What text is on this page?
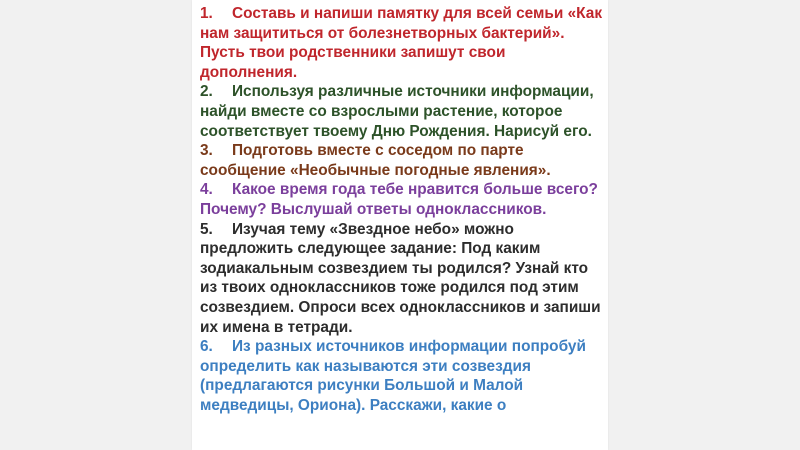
1. Составь и напиши памятку для всей семьи «Как нам защититься от болезнетворных бактерий». Пусть твои родственники запишут свои дополнения.
2. Используя различные источники информации, найди вместе со взрослыми растение, которое соответствует твоему Дню Рождения. Нарисуй его.
3. Подготовь вместе с соседом по парте сообщение «Необычные погодные явления».
4. Какое время года тебе нравится больше всего? Почему? Выслушай ответы одноклассников.
5. Изучая тему «Звездное небо» можно предложить следующее задание: Под каким зодиакальным созвездием ты родился? Узнай кто из твоих одноклассников тоже родился под этим созвездием. Опроси всех одноклассников и запиши их имена в тетради.
6. Из разных источников информации попробуй определить как называются эти созвездия (предлагаются рисунки Большой и Малой медведицы, Ориона). Расскажи, какие о
